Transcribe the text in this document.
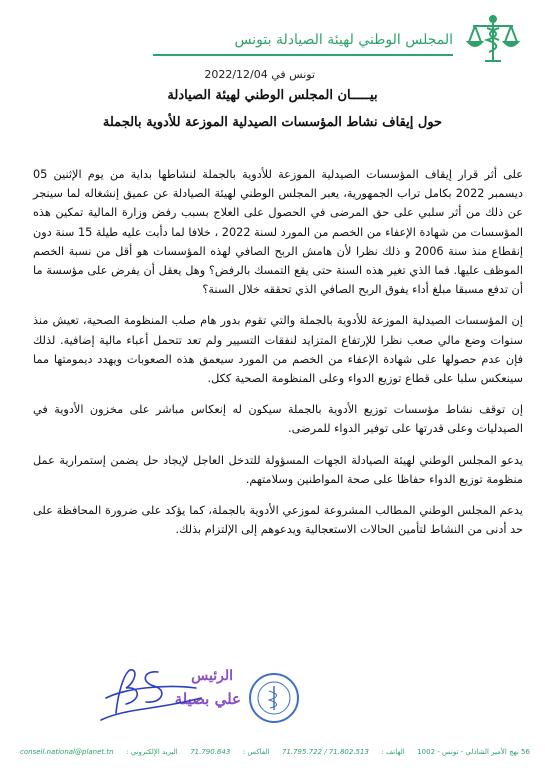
المجلس الوطني لهيئة الصيادلة بتونس
تونس في 2022/12/04
بيـــــان المجلس الوطني لهيئة الصيادلة
حول إيقاف نشاط المؤسسات الصيدلية الموزعة للأدوية بالجملة

على أثر قرار إيقاف المؤسسات الصيدلية الموزعة للأدوية بالجملة لنشاطها بداية من يوم الإثنين 05 ديسمبر 2022 بكامل تراب الجمهورية، يعبر المجلس الوطني لهيئة الصيادلة عن عميق إنشغاله لما سينجر عن ذلك من أثر سلبي على حق المرضى في الحصول على العلاج بسبب رفض وزارة المالية تمكين هذه المؤسسات من شهادة الإعفاء من الخصم من المورد لسنة 2022 ، خلافا لما دأبت عليه طيلة 15 سنة دون إنقطاع منذ سنة 2006 و ذلك نظرا لأن هامش الربح الصافي لهذه المؤسسات هو أقل من نسبة الخصم الموظف عليها. فما الذي تغير هذه السنة حتى يقع التمسك بالرفض؟ وهل يعقل أن يفرض على مؤسسة ما أن تدفع مسبقا مبلغ أداء يفوق الربح الصافي الذي تحققه خلال السنة؟

إن المؤسسات الصيدلية الموزعة للأدوية بالجملة والتي تقوم بدور هام صلب المنظومة الصحية، تعيش منذ سنوات وضع مالي صعب نظرا للإرتفاع المتزايد لنفقات التسيير ولم تعد تتحمل أعباء مالية إضافية. لذلك فإن عدم حصولها على شهادة الإعفاء من الخصم من المورد سيعمق هذه الصعوبات ويهدد ديمومتها مما سينعكس سلبا على قطاع توزيع الدواء وعلى المنظومة الصحية ككل.

إن توقف نشاط مؤسسات توزيع الأدوية بالجملة سيكون له إنعكاس مباشر على مخزون الأدوية في الصيدليات وعلى قدرتها على توفير الدواء للمرضى.

يدعو المجلس الوطني لهيئة الصيادلة الجهات المسؤولة للتدخل العاجل لإيجاد حل يضمن إستمرارية عمل منظومة توزيع الدواء حفاظا على صحة المواطنين وسلامتهم.

يدعم المجلس الوطني المطالب المشروعة لموزعي الأدوية بالجملة، كما يؤكد على ضرورة المحافظة على حد أدنى من النشاط لتأمين الحالات الاستعجالية ويدعوهم إلى الإلتزام بذلك.

الرئيس
علي بصيلة
conseil.national@planet.tn البريد الإلكتروني : 71.790.643 الفاكس : 71.795.722 / 71.802.513 الهاتف : 56 نهج الأمير الشاذلي - تونس - 1002
